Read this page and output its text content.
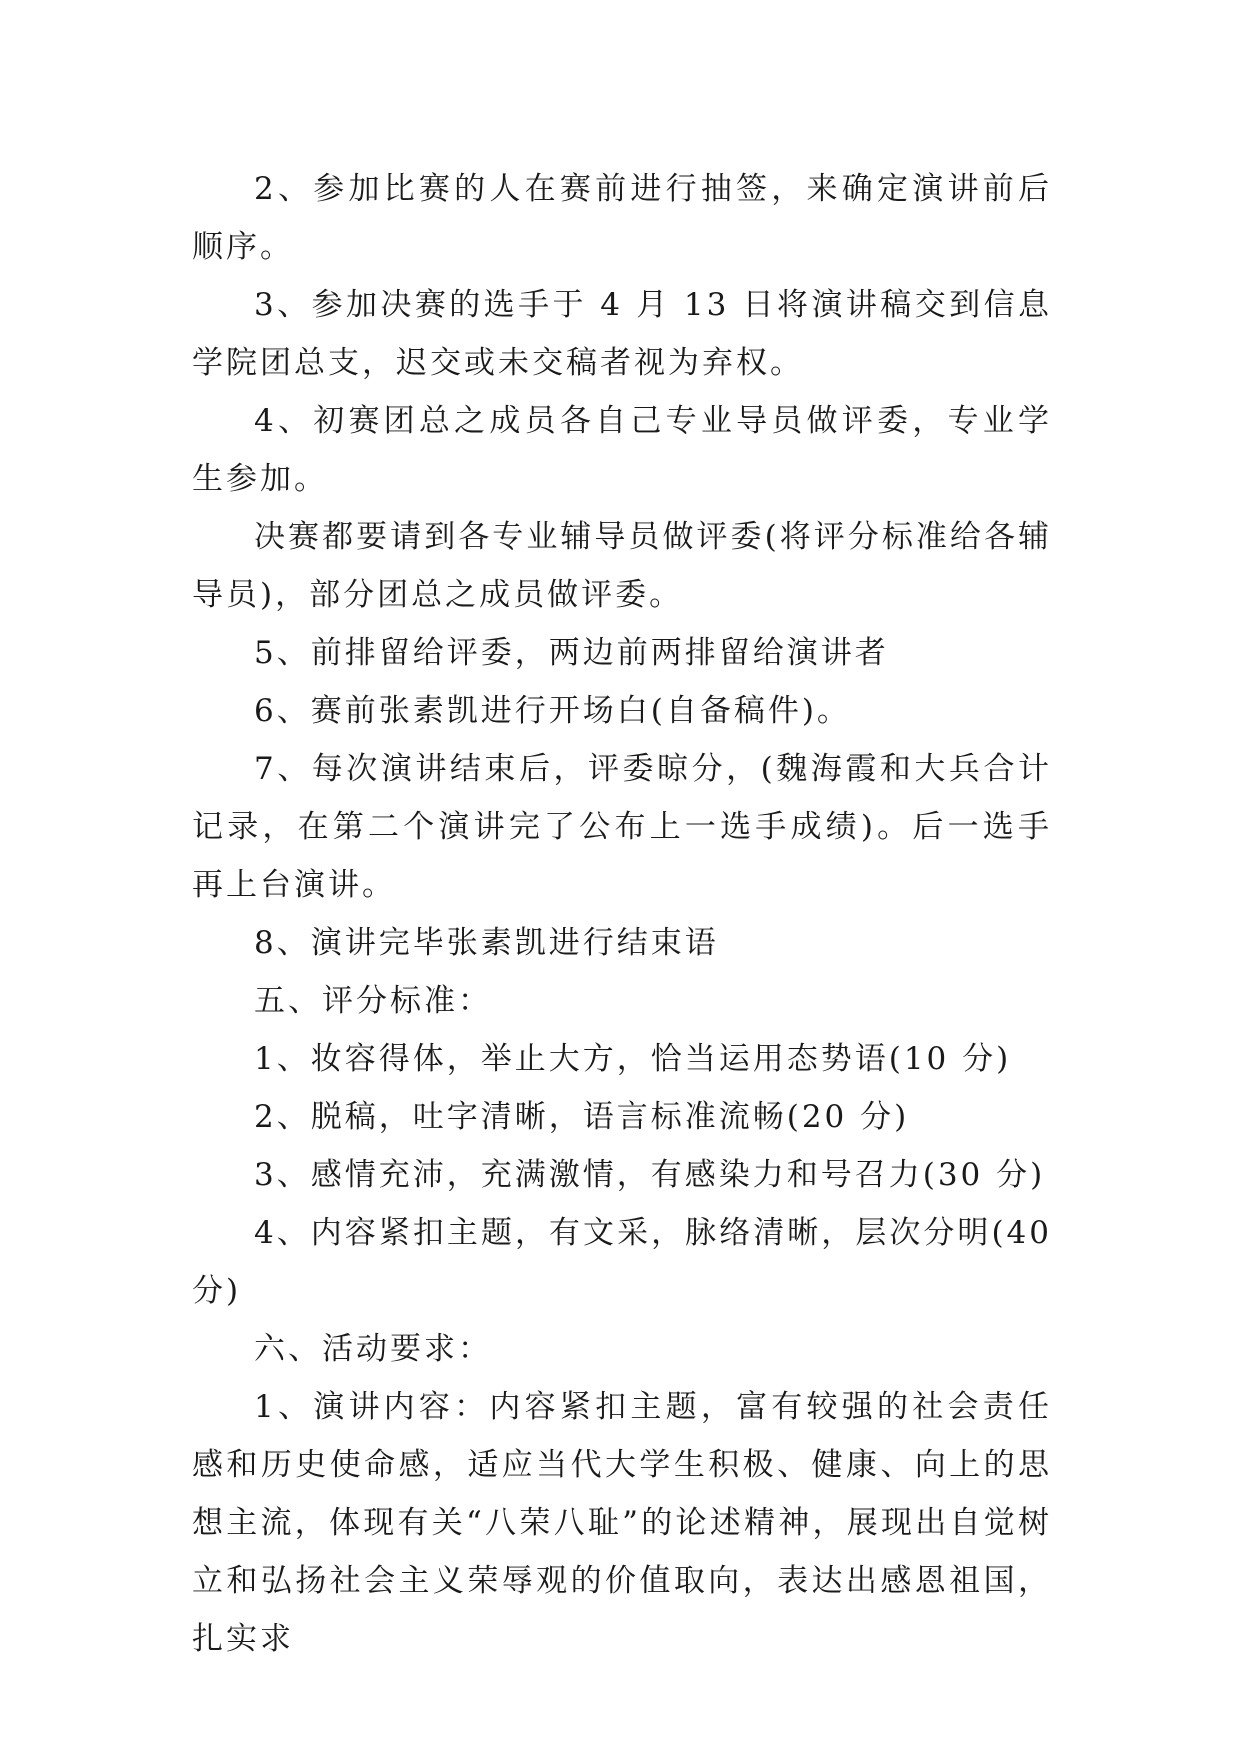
2、参加比赛的人在赛前进行抽签，来确定演讲前后顺序。

3、参加决赛的选手于 4 月 13 日将演讲稿交到信息学院团总支，迟交或未交稿者视为弃权。

4、初赛团总之成员各自己专业导员做评委，专业学生参加。

决赛都要请到各专业辅导员做评委(将评分标准给各辅导员)，部分团总之成员做评委。

5、前排留给评委，两边前两排留给演讲者

6、赛前张素凯进行开场白(自备稿件)。

7、每次演讲结束后，评委晾分，(魏海霞和大兵合计记录，在第二个演讲完了公布上一选手成绩)。后一选手再上台演讲。

8、演讲完毕张素凯进行结束语

五、评分标准：

1、妆容得体，举止大方，恰当运用态势语(10 分)

2、脱稿，吐字清晰，语言标准流畅(20 分)

3、感情充沛，充满激情，有感染力和号召力(30 分)

4、内容紧扣主题，有文采，脉络清晰，层次分明(40 分)

六、活动要求：

1、演讲内容：内容紧扣主题，富有较强的社会责任感和历史使命感，适应当代大学生积极、健康、向上的思想主流，体现有关“八荣八耻”的论述精神，展现出自觉树立和弘扬社会主义荣辱观的价值取向，表达出感恩祖国，扎实求
